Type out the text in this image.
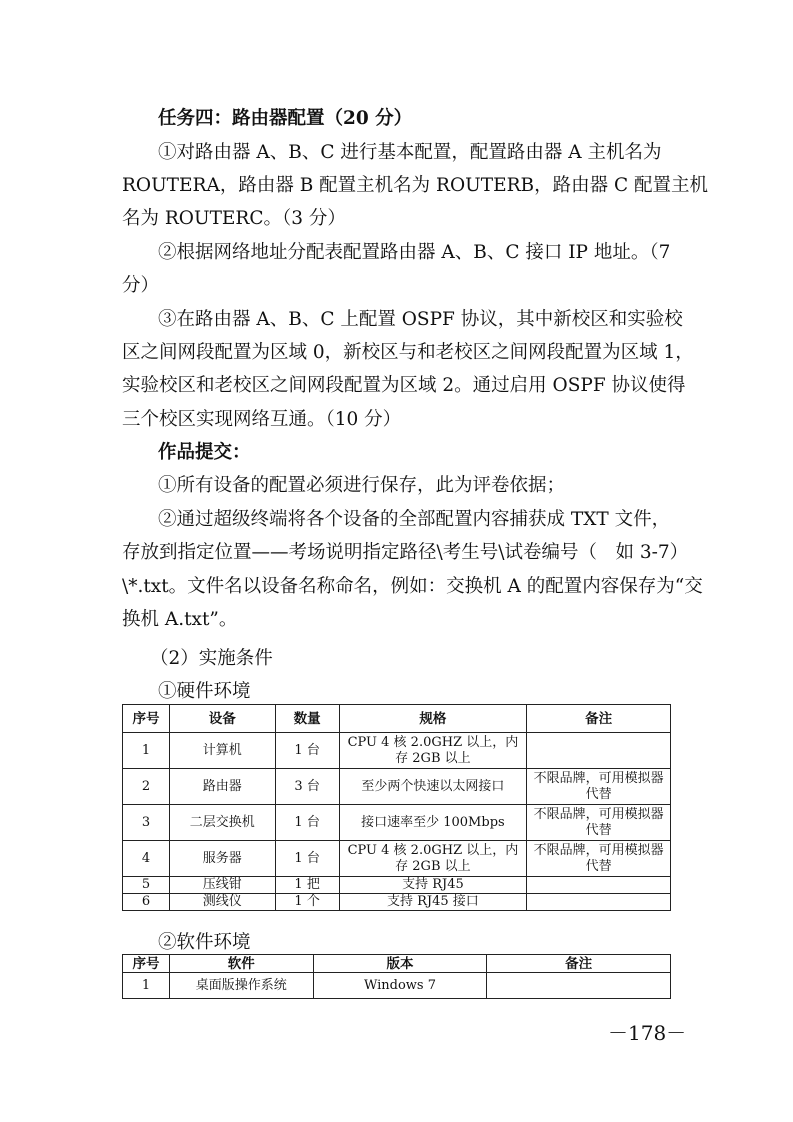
任务四：路由器配置（20 分）
①对路由器 A、B、C 进行基本配置，配置路由器 A 主机名为
ROUTERA，路由器 B 配置主机名为 ROUTERB，路由器 C 配置主机
名为 ROUTERC。（3 分）
②根据网络地址分配表配置路由器 A、B、C 接口 IP 地址。（7
分）
③在路由器 A、B、C 上配置 OSPF 协议，其中新校区和实验校
区之间网段配置为区域 0，新校区与和老校区之间网段配置为区域 1，
实验校区和老校区之间网段配置为区域 2。通过启用 OSPF 协议使得
三个校区实现网络互通。（10 分）
作品提交：
①所有设备的配置必须进行保存，此为评卷依据；
②通过超级终端将各个设备的全部配置内容捕获成 TXT 文件，
存放到指定位置——考场说明指定路径\考生号\试卷编号（　如 3-7）
\*.txt。文件名以设备名称命名，例如：交换机 A 的配置内容保存为“交
换机 A.txt”。
（2）实施条件
①硬件环境
序号	设备	数量	规格	备注
1	计算机	1 台	CPU 4 核 2.0GHZ 以上，内存 2GB 以上	
2	路由器	3 台	至少两个快速以太网接口	不限品牌，可用模拟器代替
3	二层交换机	1 台	接口速率至少 100Mbps	不限品牌，可用模拟器代替
4	服务器	1 台	CPU 4 核 2.0GHZ 以上，内存 2GB 以上	不限品牌，可用模拟器代替
5	压线钳	1 把	支持 RJ45	
6	测线仪	1 个	支持 RJ45 接口	
②软件环境
序号	软件	版本	备注
1	桌面版操作系统	Windows 7	
－178－
